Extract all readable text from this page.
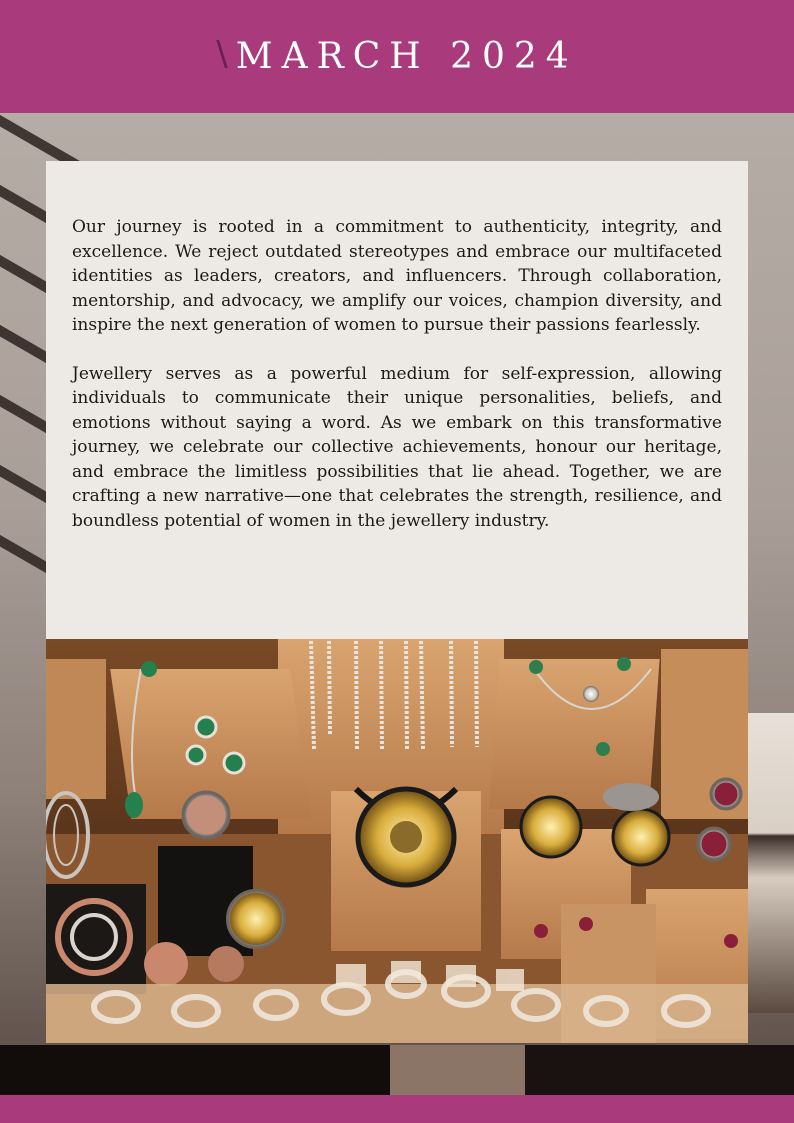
\ MARCH 2024

Our journey is rooted in a commitment to authenticity, integrity, and excellence. We reject outdated stereotypes and embrace our multifaceted identities as leaders, creators, and influencers. Through collaboration, mentorship, and advocacy, we amplify our voices, champion diversity, and inspire the next generation of women to pursue their passions fearlessly.

Jewellery serves as a powerful medium for self-expression, allowing individuals to communicate their unique personalities, beliefs, and emotions without saying a word. As we embark on this transformative journey, we celebrate our collective achievements, honour our heritage, and embrace the limitless possibilities that lie ahead. Together, we are crafting a new narrative—one that celebrates the strength, resilience, and boundless potential of women in the jewellery industry.
